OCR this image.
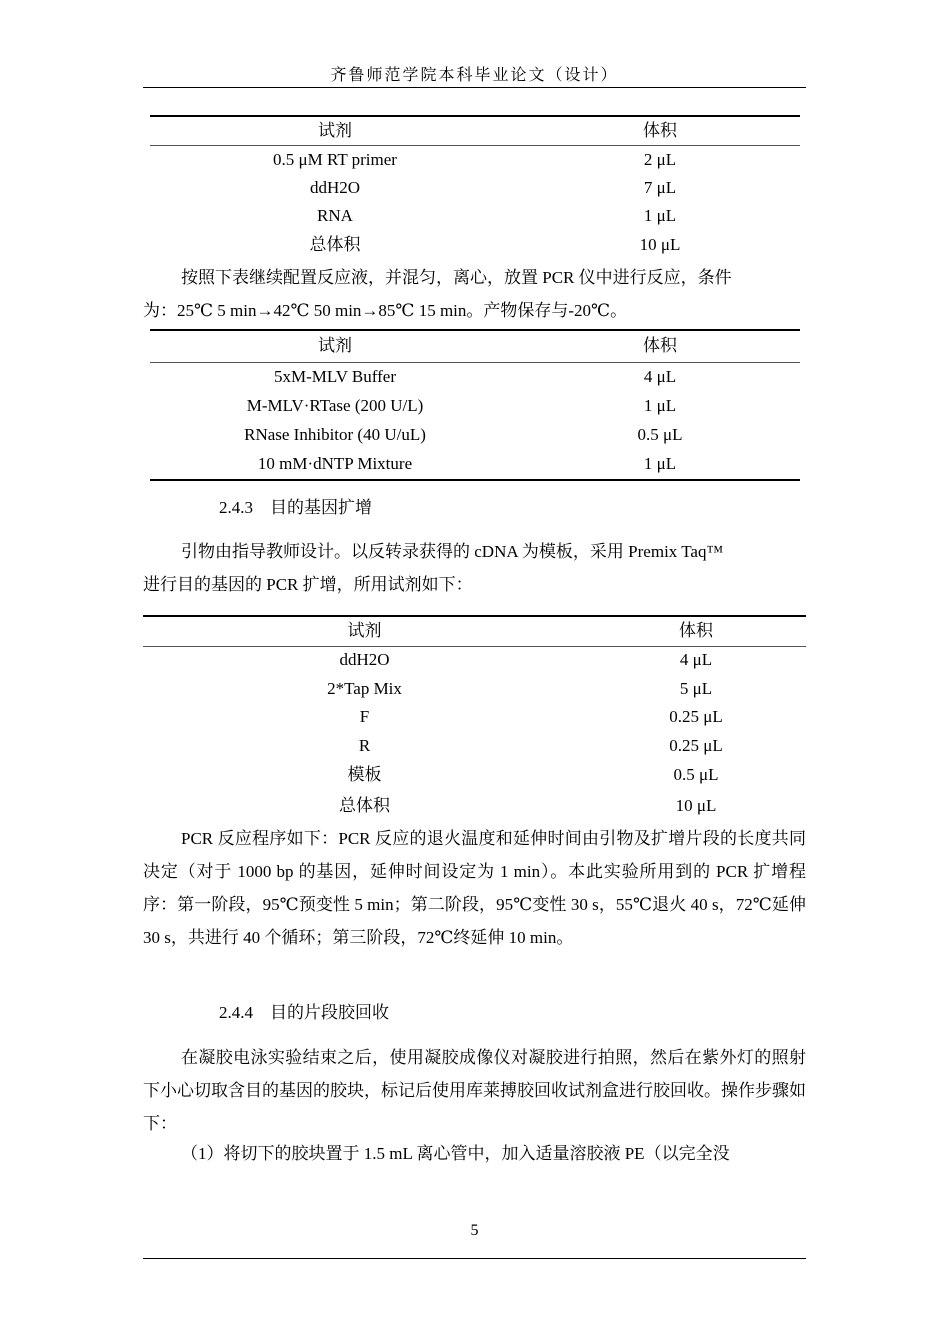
齐鲁师范学院本科毕业论文（设计）
试剂	体积
0.5 μM RT primer	2 μL
ddH2O	7 μL
RNA	1 μL
总体积	10 μL
按照下表继续配置反应液，并混匀，离心，放置 PCR 仪中进行反应，条件
为：25℃ 5 min→42℃ 50 min→85℃ 15 min。产物保存与-20℃。
试剂	体积
5xM-MLV Buffer	4 μL
M-MLV·RTase (200 U/L)	1 μL
RNase Inhibitor (40 U/uL)	0.5 μL
10 mM·dNTP Mixture	1 μL
2.4.3    目的基因扩增
引物由指导教师设计。以反转录获得的 cDNA 为模板，采用 Premix Taq™
进行目的基因的 PCR 扩增，所用试剂如下：
试剂	体积
ddH2O	4 μL
2*Tap Mix	5 μL
F	0.25 μL
R	0.25 μL
模板	0.5 μL
总体积	10 μL
PCR 反应程序如下：PCR 反应的退火温度和延伸时间由引物及扩增片段的长度共同决定（对于 1000 bp 的基因，延伸时间设定为 1 min）。本此实验所用到的 PCR 扩增程序：第一阶段，95℃预变性 5 min；第二阶段，95℃变性 30 s，55℃退火 40 s，72℃延伸 30 s，共进行 40 个循环；第三阶段，72℃终延伸 10 min。
2.4.4    目的片段胶回收
在凝胶电泳实验结束之后，使用凝胶成像仪对凝胶进行拍照，然后在紫外灯的照射下小心切取含目的基因的胶块，标记后使用库莱搏胶回收试剂盒进行胶回收。操作步骤如下：
（1）将切下的胶块置于 1.5 mL 离心管中，加入适量溶胶液 PE（以完全没
5
